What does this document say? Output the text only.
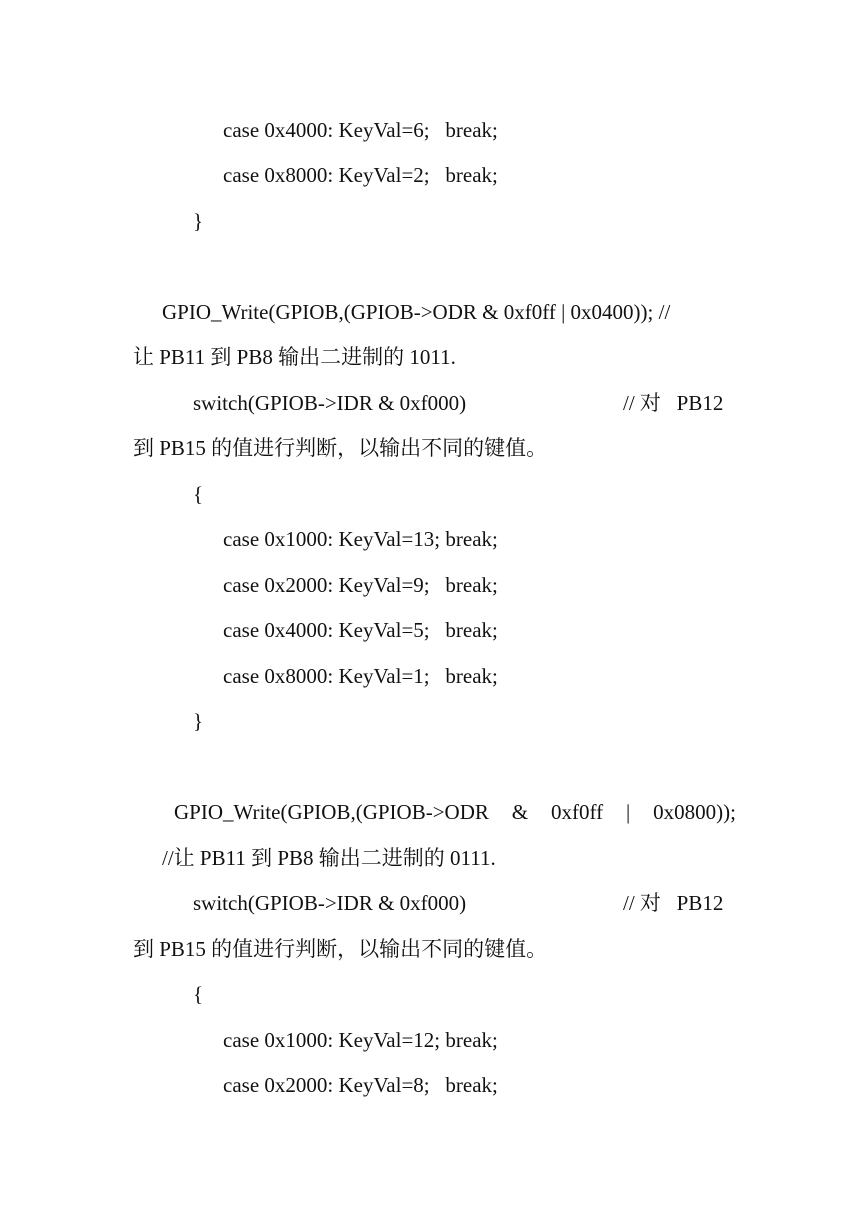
case 0x4000: KeyVal=6;   break;
case 0x8000: KeyVal=2;   break;
}
GPIO_Write(GPIOB,(GPIOB->ODR & 0xf0ff | 0x0400)); //
让 PB11 到 PB8 输出二进制的 1011.
switch(GPIOB->IDR & 0xf000)	// 对   PB12
到 PB15 的值进行判断，以输出不同的键值。
{
case 0x1000: KeyVal=13; break;
case 0x2000: KeyVal=9;   break;
case 0x4000: KeyVal=5;   break;
case 0x8000: KeyVal=1;   break;
}
GPIO_Write(GPIOB,(GPIOB->ODR & 0xf0ff | 0x0800));
//让 PB11 到 PB8 输出二进制的 0111.
switch(GPIOB->IDR & 0xf000)	// 对   PB12
到 PB15 的值进行判断，以输出不同的键值。
{
case 0x1000: KeyVal=12; break;
case 0x2000: KeyVal=8;   break;
